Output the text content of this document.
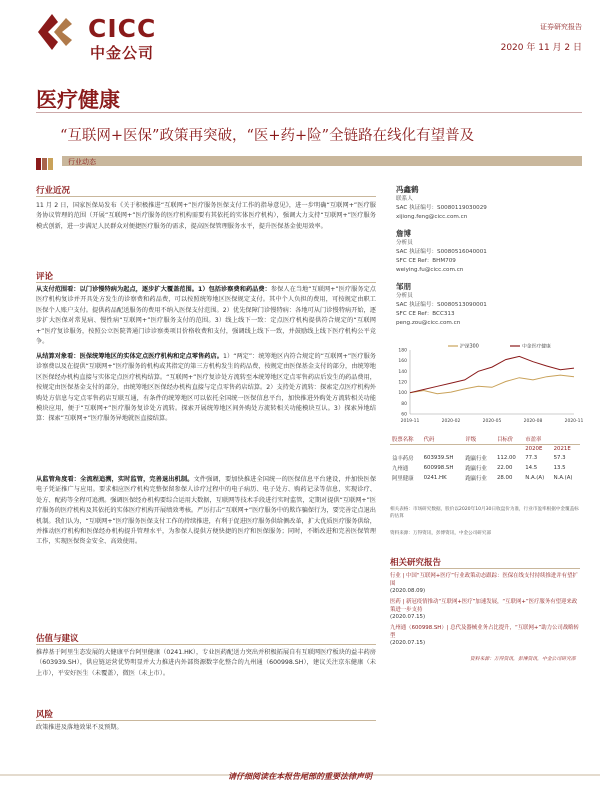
CICC
中金公司
证券研究报告
2020 年 11 月 2 日
医疗健康
“互联网+医保”政策再突破，“医+药+险”全链路在线化有望普及
行业动态
行业近况
11 月 2 日，国家医保局发布《关于积极推进“互联网+”医疗服务医保支付工作的指导意见》，进一步明确“互联网+”医疗服务协议管理的范围（开展“互联网+”医疗服务的医疗机构需要有其依托的实体医疗机构），强调大力支持“互联网+”医疗服务模式创新，进一步满足人民群众对便捷医疗服务的需求，提高医保管理服务水平，提升医保基金使用效率。
评论
从支付范围看：以门诊慢特病为起点，逐步扩大覆盖范围。1）包括诊察费和药品费：参保人在当地“互联网+”医疗服务定点医疗机构复诊并开具处方发生的诊察费和药品费，可以按照统筹地区医保规定支付。其中个人负担的费用，可按规定由职工医保个人账户支付。提供药品配送服务的费用不纳入医保支付范围。2）优先保障门诊慢特病：各地可从门诊慢特病开始，逐步扩大医保对常见病、慢性病“互联网+”医疗服务支付的范围。3）线上线下一致：定点医疗机构提供符合规定的“互联网+”医疗复诊服务，按照公立医院普通门诊诊察类项目价格收费和支付，强调线上线下一致，并鼓励线上线下医疗机构公平竞争。
从结算对象看：医保统筹地区的实体定点医疗机构和定点零售药店。1）“两定”：统筹地区内符合规定的“互联网+”医疗服务诊察费以及在提供“互联网+”医疗服务的机构或其指定的第三方机构发生的药品费，按规定由医保基金支付的部分，由统筹地区医保经办机构直接与实体定点医疗机构结算。“互联网+”医疗复诊处方流转至本统筹地区定点零售药店后发生的药品费用，按规定由医保基金支付的部分，由统筹地区医保经办机构直接与定点零售药店结算。2）支持处方流转：探索定点医疗机构外购处方信息与定点零售药店互联互通，有条件的统筹地区可以依托全国统一医保信息平台，加快推进外购处方流转相关功能模块应用，便于“互联网+”医疗服务复诊处方流转。探索开展统筹地区间外购处方流转相关功能模块互认。3）探索异地结算：探索“互联网+”医疗服务异地就医直接结算。
从监管角度看：全流程追溯，实时监管，完善退出机制。文件强调，要加快推进全国统一的医保信息平台建设，并加快医保电子凭证推广与应用。要求相应医疗机构完整保留参保人诊疗过程中的电子病历、电子处方、购药记录等信息，实现诊疗、处方、配药等全程可追溯。强调医保经办机构要综合运用大数据，互联网等技术手段进行实时监管，定期对提供“互联网+”医疗服务的医疗机构及其依托的实体医疗机构开展绩效考核。严厉打击“互联网+”医疗服务中的欺诈骗保行为，要完善定点退出机制。我们认为，“互联网+”医疗服务医保支付工作的持续推进，有利于促进医疗服务供给侧改革，扩大优质医疗服务供给，并推动医疗机构和医保经办机构提升管理水平，为参保人提供方便快捷的医疗和医保服务；同时，不断改进和完善医保管理工作，实现医保资金安全、高效使用。
估值与建议
推荐基于阿里生态发展的大健康平台阿里健康（0241.HK），专业医药配送力突出并积极拓展自有互联网医疗板块的益丰药房（603939.SH），供应链运营优势明显并大力推进内外部资源数字化整合的九州通（600998.SH），建议关注京东健康（未上市），平安好医生（未覆盖），微医（未上市）。
风险
政策推进及落地效果不及预期。
冯鑫鹤
联系人
SAC 执证编号：S0080119030029
xijiong.feng@cicc.com.cn
詹博
分析员
SAC 执证编号：S0080516040001
SFC CE Ref：BHM709
weiying.fu@cicc.com.cn
邹朋
分析员
SAC 执证编号：S0080513090001
SFC CE Ref：BCC313
peng.zou@cicc.com.cn
60
80
100
120
140
160
180
2019-11	2020-02	2020-05	2020-08	2020-11
沪深300	中金医疗健康
股票名称	代码	评级	目标价	市盈率	
				2020E	2021E
益丰药房	603939.SH	跑赢行业	112.00	77.3	57.3
九州通	600998.SH	跑赢行业	22.00	14.5	13.5
阿里健康	0241.HK	跑赢行业	28.00	N.A.(A)	N.A.(A)
相关表格：市场研究数据，股价以2020年10月30日收盘价为准，行业市盈率根据中金覆盖标的估算
资料来源：万得资讯，彭博资讯，中金公司研究部
相关研究报告
行业 | 中国“互联网+医疗”行业政策动态跟踪：医保在线支付持续推进并有望扩围
(2020.08.09)
医药 | 新冠疫情推动“互联网+医疗”加速发展，“互联网+”医疗服务有望迎来政策进一步支持
(2020.07.15)
九州通（600998.SH）| 总代及器械业务占比提升，“互联网+”助力公司战略转型
(2020.07.15)
资料来源：万得资讯，彭博资讯，中金公司研究部
请仔细阅读在本报告尾部的重要法律声明
